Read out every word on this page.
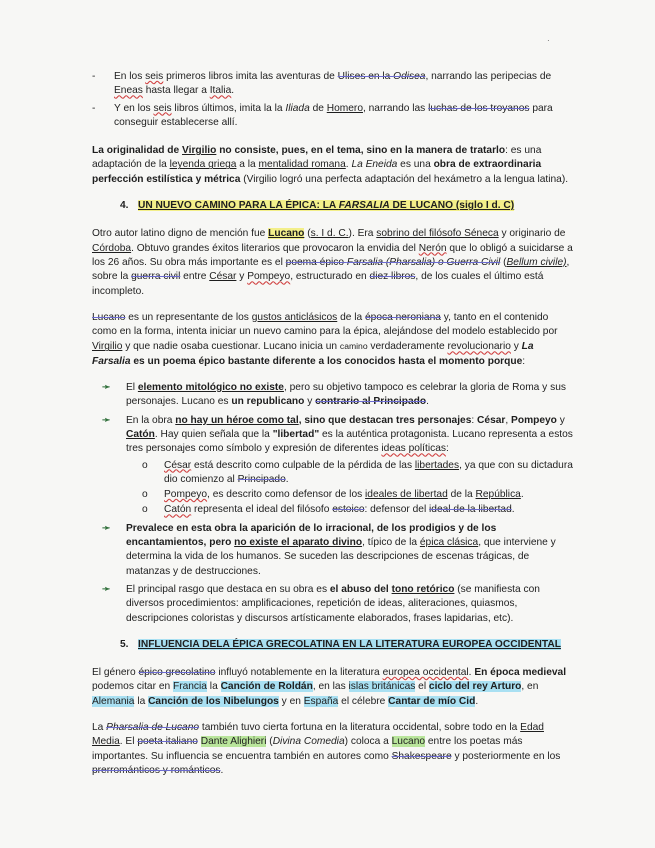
·
- En los seis primeros libros imita las aventuras de Ulises en la Odisea, narrando las peripecias de Eneas hasta llegar a Italia.
- Y en los seis libros últimos, imita la la Iliada de Homero, narrando las luchas de los troyanos para conseguir establecerse allí.

La originalidad de Virgilio no consiste, pues, en el tema, sino en la manera de tratarlo: es una adaptación de la leyenda griega a la mentalidad romana. La Eneida es una obra de extraordinaria perfección estilística y métrica (Virgilio logró una perfecta adaptación del hexámetro a la lengua latina).

4. UN NUEVO CAMINO PARA LA ÉPICA: LA FARSALIA DE LUCANO (siglo I d. C)

Otro autor latino digno de mención fue Lucano (s. I d. C.). Era sobrino del filósofo Séneca y originario de Córdoba. Obtuvo grandes éxitos literarios que provocaron la envidia del Nerón que lo obligó a suicidarse a los 26 años. Su obra más importante es el poema épico Farsalia (Pharsalia) o Guerra Civil (Bellum civile), sobre la guerra civil entre César y Pompeyo, estructurado en diez libros, de los cuales el último está incompleto.

Lucano es un representante de los gustos anticlásicos de la época neroniana y, tanto en el contenido como en la forma, intenta iniciar un nuevo camino para la épica, alejándose del modelo establecido por Virgilio y que nadie osaba cuestionar. Lucano inicia un camino verdaderamente revolucionario y La Farsalia es un poema épico bastante diferente a los conocidos hasta el momento porque:

➛ El elemento mitológico no existe, pero su objetivo tampoco es celebrar la gloria de Roma y sus personajes. Lucano es un republicano y contrario al Principado.
➛ En la obra no hay un héroe como tal, sino que destacan tres personajes: César, Pompeyo y Catón. Hay quien señala que la "libertad" es la auténtica protagonista. Lucano representa a estos tres personajes como símbolo y expresión de diferentes ideas políticas:
o César está descrito como culpable de la pérdida de las libertades, ya que con su dictadura dio comienzo al Principado.
o Pompeyo, es descrito como defensor de los ideales de libertad de la República.
o Catón representa el ideal del filósofo estoico: defensor del ideal de la libertad.
➛ Prevalece en esta obra la aparición de lo irracional, de los prodigios y de los encantamientos, pero no existe el aparato divino, típico de la épica clásica, que interviene y determina la vida de los humanos. Se suceden las descripciones de escenas trágicas, de matanzas y de destrucciones.
➛ El principal rasgo que destaca en su obra es el abuso del tono retórico (se manifiesta con diversos procedimientos: amplificaciones, repetición de ideas, aliteraciones, quiasmos, descripciones coloristas y discursos artísticamente elaborados, frases lapidarias, etc).
5. INFLUENCIA DELA ÉPICA GRECOLATINA EN LA LITERATURA EUROPEA OCCIDENTAL

El género épico grecolatino influyó notablemente en la literatura europea occidental. En época medieval podemos citar en Francia la Canción de Roldán, en las islas británicas el ciclo del rey Arturo, en Alemania la Canción de los Nibelungos y en España el célebre Cantar de mío Cid.

La Pharsalia de Lucano también tuvo cierta fortuna en la literatura occidental, sobre todo en la Edad Media. El poeta italiano Dante Alighieri (Divina Comedia) coloca a Lucano entre los poetas más importantes. Su influencia se encuentra también en autores como Shakespeare y posteriormente en los prerrománticos y románticos.
